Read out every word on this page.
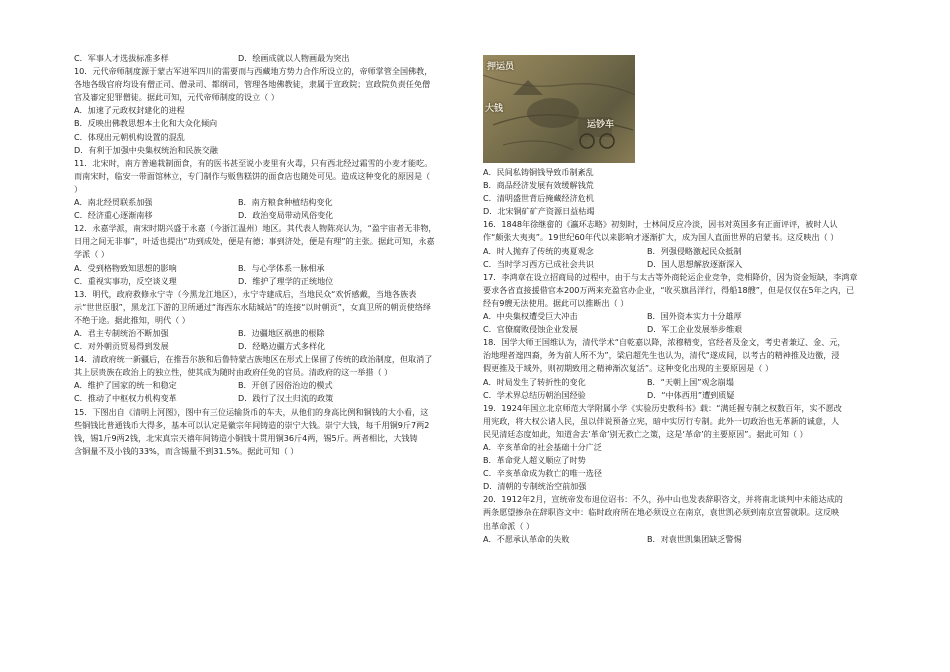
C．军事人才选拔标准多样	D．绘画成就以人物画最为突出
10．元代帝师制度源于蒙古军进军四川的需要而与西藏地方势力合作所设立的，帝师掌管全国佛教，
各地各级官府均设有僧正司、僧录司、都纲司，管理各地佛教徒，隶属于宣政院；宣政院负责任免僧
官及審定犯罪僧徒。据此可知，元代帝师制度的设立（ ）
A．加速了元政权封建化的进程
B．反映出佛教思想本土化和大众化倾向
C．体现出元朝机构设置的混乱
D．有利于加强中央集权统治和民族交融
11．北宋时，南方普遍栽制面食，有的医书甚至说小麦里有火毒，只有西北经过霜雪的小麦才能吃。
而南宋时，临安一带面馆林立，专门制作与贩售糕饼的面食店也随处可见。造成这种变化的原因是（
）
A．南北经贸联系加强	B．南方粮食种植结构变化
C．经济重心逐渐南移	D．政治变局带动风俗变化
12．永嘉学派，南宋时期兴盛于永嘉（今浙江温州）地区。其代表人物陈亮认为，“盈宇宙者无非物，
日用之间无非事”，叶适也提出“功到成处，便是有德；事到济处，便是有理”的主张。据此可知，永嘉
学派（ ）
A．受到格物致知思想的影响	B．与心学体系一脉相承
C．重视实事功，反空谈义理	D．维护了理学的正统地位
13．明代，政府救修永宁寺（今黑龙江地区），永宁寺建成后，当地民众“欢忻感戴，当地各族表
示“世世臣服”，黑龙江下游的卫所通过“海西东水陆城站”的连接“以时朝贡”，女真卫所的朝贡使络绎
不绝于途。据此推知，明代（ ）
A．君主专制统治不断加强	B．边疆地区祸患的根除
C．对外朝贡贸易得到发展	D．经略边疆方式多样化
14．清政府统一新疆后，在推吾尔族和后鲁特蒙古族地区在形式上保留了传统的政治制度，但取消了
其上层贵族在政治上的独立性，使其成为随时由政府任免的官员。清政府的这一举措（ ）
A．维护了国家的统一和稳定	B．开创了因俗治边的模式
C．推动了中枢权力机构变革	D．践行了汉土归流的政策
15．下图出自《清明上河图》，图中有三位运输货币的车夫，从他们的身高比例和铜钱的大小看，这
些铜钱比普通钱币大得多，基本可以认定是徽宗年间铸造的崇宁大钱。崇宁大钱，每千用铜9斤7两2
钱，锡1斤9两2钱，北宋真宗天禧年间铸造小铜钱十贯用铜36斤4两，锡5斤。两者相比，大钱铸
含铜量不及小钱的33%，而含锡量不到31.5%。据此可知（ ）
押运员
大钱
运钞车
A．民间私铸铜钱导致币制紊乱
B．商品经济发展有效缓解钱荒
C．清明盛世背后掩藏经济危机
D．北宋铜矿矿产资源日益枯竭
16．1848年徐继畲的《瀛环志略》初刻时，士林间反应冷淡，因书对英国多有正面评评，被时人认
作“颇张大夷夷”。19世纪60年代以来影响才逐渐扩大，成为国人直面世界的启蒙书。这反映出（ ）
A．时人抛弃了传统的夷夏观念	B．列强侵略激起民众抵制
C．当时学习西方已成社会共识	D．国人思想解放逐渐深入
17．李鸿章在设立招商局的过程中，由于与太古等外商轮运企业竞争，竞相降价，因为资金短缺，李鸿章
要求各省直接援借官本200万两来充盈官办企业，“收买旗昌洋行，得船18艘”，但是仅仅在5年之内，已
经有9艘无法使用。据此可以推断出（ ）
A．中央集权遭受巨大冲击	B．国外资本实力十分雄厚
C．官僚腐败侵蚀企业发展	D．军工企业发展举步维艰
18．国学大师王国维认为，清代学术“自乾嘉以降，浓穆精变，官经者及金文，考史者兼辽、金、元，
治地理者遑四裔，务为前人所不为”，梁启超先生也认为，清代“遂成间，以考古的精神推及边徼，浸
假更推及于域外，则初期致用之精神渐次复活”。这种变化出现的主要原因是（ ）
A．时局发生了转折性的变化	B．“天朝上国”观念崩塌
C．学术界总结历朝治国经验	D．“中体西用”遭到质疑
19．1924年国立北京师范大学附属小学《实验历史教科书》载：“满廷握专制之权数百年，实不愿改
用宪政，将大权公诸人民，虽以伴说预备立宪，暗中实厉行专制。此外一切政治也无革新的诚意，人
民见清廷态度如此，知道舍去‘革命’别无救亡之策，这是‘革命’的主要原因”。据此可知（ ）
A．辛亥革命的社会基础十分广泛
B．革命党人超义顺应了时势
C．辛亥革命成为救亡的唯一选径
D．清朝的专制统治空前加强
20．1912年2月，宣统帝发布退位诏书：不久，孙中山也发表辞职咨文，并将南北谈判中未能达成的
两条愿望掺杂在辞职咨文中：临时政府所在地必须设立在南京，袁世凯必须到南京宣誓就职。这反映
出革命派（ ）
A．不愿承认革命的失败	B．对袁世凯集团缺乏警惕
